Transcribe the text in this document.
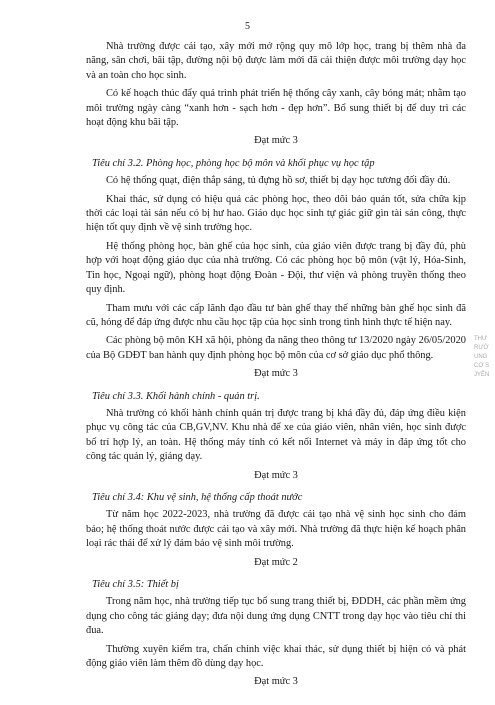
5

Nhà trường được cải tạo, xây mới mở rộng quy mô lớp học, trang bị thêm nhà đa năng, sân chơi, bãi tập, đường nội bộ được làm mới đã cải thiện được môi trường dạy học và an toàn cho học sinh.

Có kế hoạch thúc đẩy quá trình phát triển hệ thống cây xanh, cây bóng mát; nhằm tạo môi trường ngày càng “xanh hơn - sạch hơn - đẹp hơn”. Bổ sung thiết bị để duy trì các hoạt động khu bãi tập.

Đạt mức 3

Tiêu chí 3.2. Phòng học, phòng học bộ môn và khối phục vụ học tập

Có hệ thống quạt, điện thắp sáng, tủ đựng hồ sơ, thiết bị dạy học tương đối đầy đủ.

Khai thác, sử dụng có hiệu quả các phòng học, theo dõi bảo quản tốt, sửa chữa kịp thời các loại tài sản nếu có bị hư hao. Giáo dục học sinh tự giác giữ gìn tài sản công, thực hiện tốt quy định về vệ sinh trường học.

Hệ thống phòng học, bàn ghế của học sinh, của giáo viên được trang bị đầy đủ, phù hợp với hoạt động giáo dục của nhà trường. Có các phòng học bộ môn (vật lý, Hóa-Sinh, Tin học, Ngoại ngữ), phòng hoạt động Đoàn - Đội, thư viện và phòng truyền thống theo quy định.

Tham mưu với các cấp lãnh đạo đầu tư bàn ghế thay thế những bàn ghế học sinh đã cũ, hỏng để đáp ứng được nhu cầu học tập của học sinh trong tình hình thực tế hiện nay.

Các phòng bộ môn KH xã hội, phòng đa năng theo thông tư 13/2020 ngày 26/05/2020 của Bộ GDĐT ban hành quy định phòng học bộ môn của cơ sở giáo dục phổ thông.

Đạt mức 3

Tiêu chí 3.3. Khối hành chính - quản trị.

Nhà trường có khối hành chính quản trị được trang bị khá đầy đủ, đáp ứng điều kiện phục vụ công tác của CB,GV,NV. Khu nhà để xe của giáo viên, nhân viên, học sinh được bố trí hợp lý, an toàn. Hệ thống máy tính có kết nối Internet và máy in đáp ứng tốt cho công tác quản lý, giảng dạy.

Đạt mức 3

Tiêu chí 3.4: Khu vệ sinh, hệ thống cấp thoát nước

Từ năm học 2022-2023, nhà trường đã được cải tạo nhà vệ sinh học sinh cho đảm bảo; hệ thống thoát nước được cải tạo và xây mới. Nhà trường đã thực hiện kế hoạch phân loại rác thải để xử lý đảm bảo vệ sinh môi trường.

Đạt mức 2

Tiêu chí 3.5: Thiết bị

Trong năm học, nhà trường tiếp tục bổ sung trang thiết bị, ĐDDH, các phần mềm ứng dụng cho công tác giảng dạy; đưa nội dung ứng dụng CNTT trong dạy học vào tiêu chí thi đua.

Thường xuyên kiểm tra, chấn chỉnh việc khai thác, sử dụng thiết bị hiện có và phát động giáo viên làm thêm đồ dùng dạy học.

Đạt mức 3

THƯ
RƯỜ
UNG
CƠ S
JYÊN
